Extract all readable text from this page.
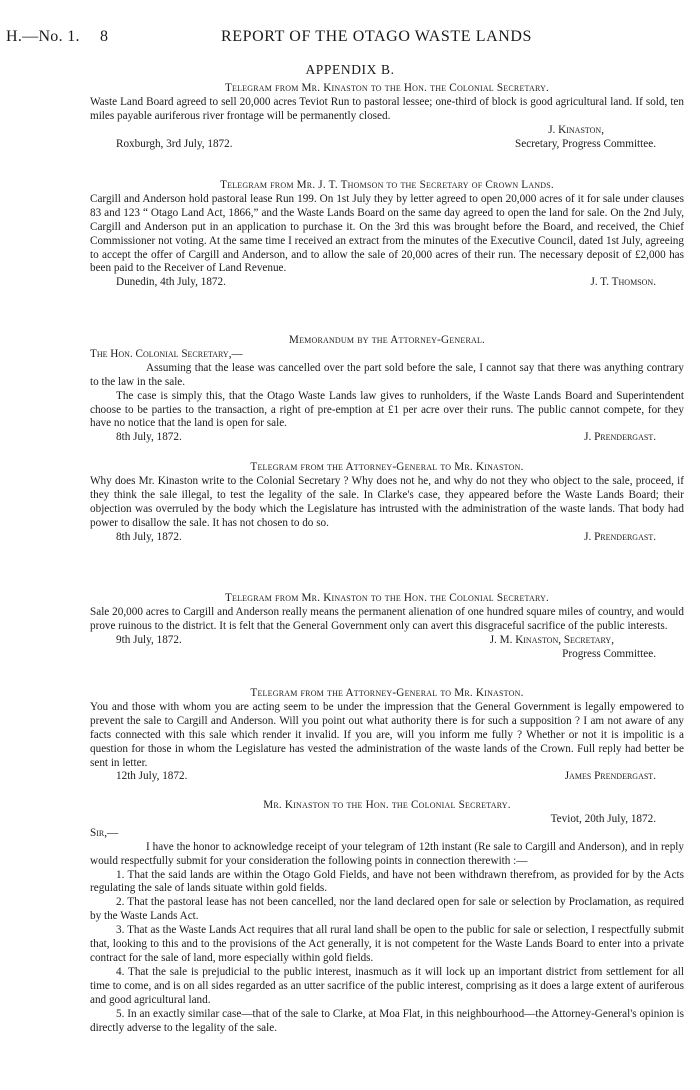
H.—No. 1. 8	REPORT OF THE OTAGO WASTE LANDS
APPENDIX B.
Telegram from Mr. Kinaston to the Hon. the Colonial Secretary.
Waste Land Board agreed to sell 20,000 acres Teviot Run to pastoral lessee; one-third of block is good agricultural land. If sold, ten miles payable auriferous river frontage will be permanently closed.
J. Kinaston,
Roxburgh, 3rd July, 1872.	Secretary, Progress Committee.
Telegram from Mr. J. T. Thomson to the Secretary of Crown Lands.
Cargill and Anderson hold pastoral lease Run 199. On 1st July they by letter agreed to open 20,000 acres of it for sale under clauses 83 and 123 “ Otago Land Act, 1866,” and the Waste Lands Board on the same day agreed to open the land for sale. On the 2nd July, Cargill and Anderson put in an application to purchase it. On the 3rd this was brought before the Board, and received, the Chief Commissioner not voting. At the same time I received an extract from the minutes of the Executive Council, dated 1st July, agreeing to accept the offer of Cargill and Anderson, and to allow the sale of 20,000 acres of their run. The necessary deposit of £2,000 has been paid to the Receiver of Land Revenue.
Dunedin, 4th July, 1872.	J. T. Thomson.
Memorandum by the Attorney-General.
The Hon. Colonial Secretary,—
Assuming that the lease was cancelled over the part sold before the sale, I cannot say that there was anything contrary to the law in the sale.
The case is simply this, that the Otago Waste Lands law gives to runholders, if the Waste Lands Board and Superintendent choose to be parties to the transaction, a right of pre-emption at £1 per acre over their runs. The public cannot compete, for they have no notice that the land is open for sale.
8th July, 1872.	J. Prendergast.
Telegram from the Attorney-General to Mr. Kinaston.
Why does Mr. Kinaston write to the Colonial Secretary ? Why does not he, and why do not they who object to the sale, proceed, if they think the sale illegal, to test the legality of the sale. In Clarke's case, they appeared before the Waste Lands Board; their objection was overruled by the body which the Legislature has intrusted with the administration of the waste lands. That body had power to disallow the sale. It has not chosen to do so.
8th July, 1872.	J. Prendergast.
Telegram from Mr. Kinaston to the Hon. the Colonial Secretary.
Sale 20,000 acres to Cargill and Anderson really means the permanent alienation of one hundred square miles of country, and would prove ruinous to the district. It is felt that the General Government only can avert this disgraceful sacrifice of the public interests.
9th July, 1872.	J. M. Kinaston, Secretary,
Progress Committee.
Telegram from the Attorney-General to Mr. Kinaston.
You and those with whom you are acting seem to be under the impression that the General Government is legally empowered to prevent the sale to Cargill and Anderson. Will you point out what authority there is for such a supposition ? I am not aware of any facts connected with this sale which render it invalid. If you are, will you inform me fully ? Whether or not it is impolitic is a question for those in whom the Legislature has vested the administration of the waste lands of the Crown. Full reply had better be sent in letter.
12th July, 1872.	James Prendergast.
Mr. Kinaston to the Hon. the Colonial Secretary.
Teviot, 20th July, 1872.
Sir,—
I have the honor to acknowledge receipt of your telegram of 12th instant (Re sale to Cargill and Anderson), and in reply would respectfully submit for your consideration the following points in connection therewith :—
1. That the said lands are within the Otago Gold Fields, and have not been withdrawn therefrom, as provided for by the Acts regulating the sale of lands situate within gold fields.
2. That the pastoral lease has not been cancelled, nor the land declared open for sale or selection by Proclamation, as required by the Waste Lands Act.
3. That as the Waste Lands Act requires that all rural land shall be open to the public for sale or selection, I respectfully submit that, looking to this and to the provisions of the Act generally, it is not competent for the Waste Lands Board to enter into a private contract for the sale of land, more especially within gold fields.
4. That the sale is prejudicial to the public interest, inasmuch as it will lock up an important district from settlement for all time to come, and is on all sides regarded as an utter sacrifice of the public interest, comprising as it does a large extent of auriferous and good agricultural land.
5. In an exactly similar case—that of the sale to Clarke, at Moa Flat, in this neighbourhood—the Attorney-General's opinion is directly adverse to the legality of the sale.
